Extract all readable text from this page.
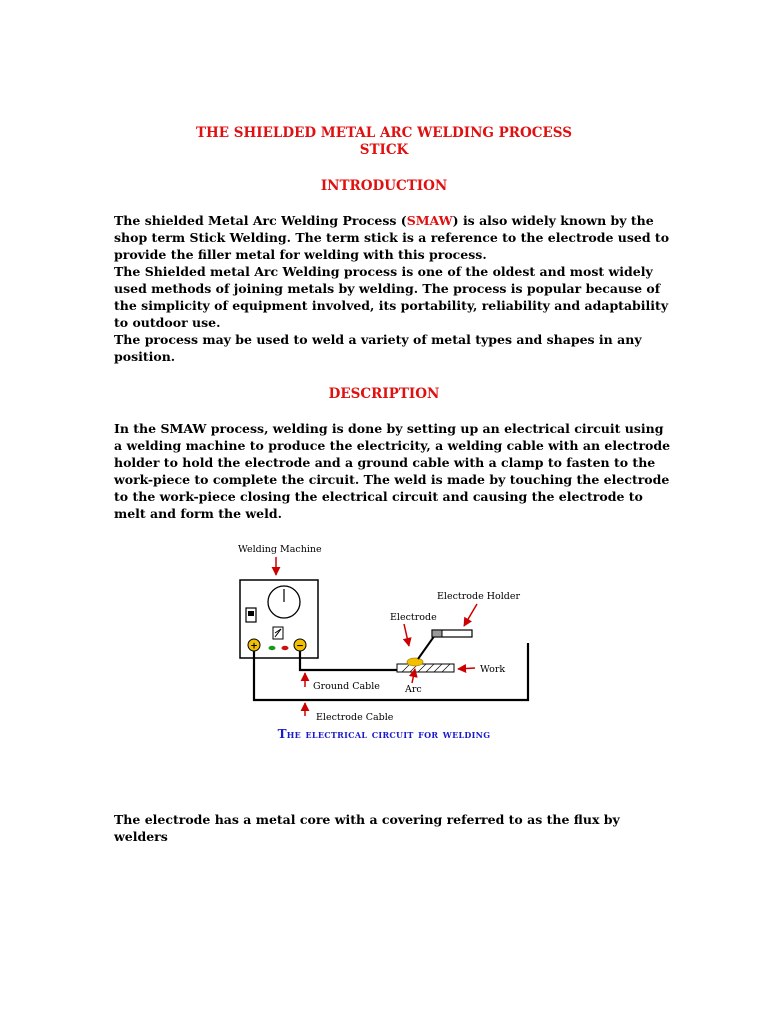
THE SHIELDED METAL ARC WELDING PROCESS
STICK
INTRODUCTION

The shielded Metal Arc Welding Process (SMAW) is also widely known by the shop term Stick Welding. The term stick is a reference to the electrode used to provide the filler metal for welding with this process.

The Shielded metal Arc Welding process is one of the oldest and most widely used methods of joining metals by welding. The process is popular because of the simplicity of equipment involved, its portability, reliability and adaptability to outdoor use.

The process may be used to weld a variety of metal types and shapes in any position.

DESCRIPTION

In the SMAW process, welding is done by setting up an electrical circuit using a welding machine to produce the electricity, a welding cable with an electrode holder to hold the electrode and a ground cable with a clamp to fasten to the work-piece to complete the circuit. The weld is made by touching the electrode to the work-piece closing the electrical circuit and causing the electrode to melt and form the weld.

+	−
Welding Machine
Electrode Holder
Electrode
Work
Ground Cable	Arc
Electrode Cable
The electrical circuit for welding

The electrode has a metal core with a covering referred to as the flux by welders
